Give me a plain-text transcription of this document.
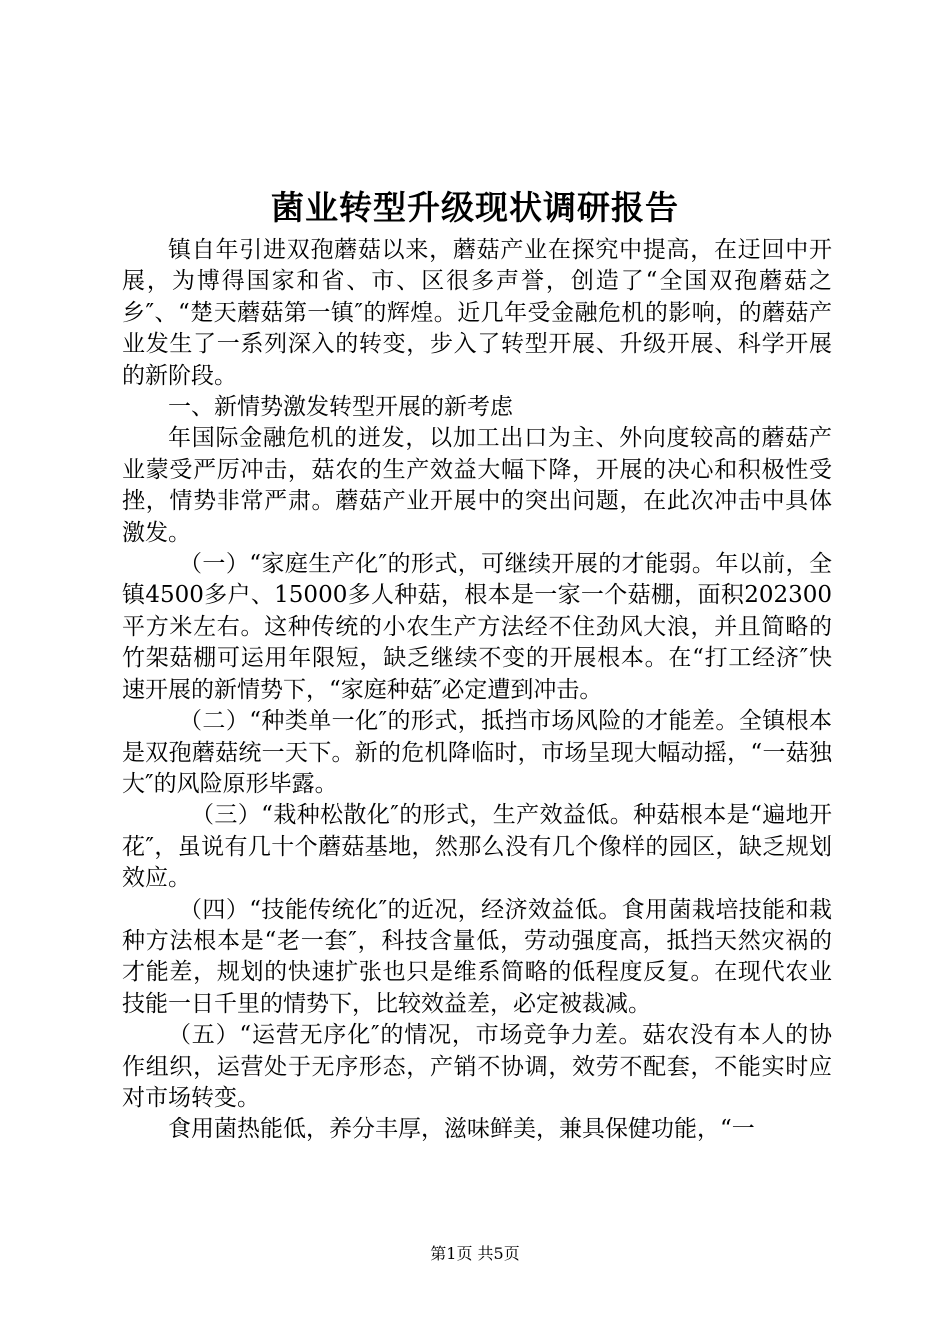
菌业转型升级现状调研报告

镇自年引进双孢蘑菇以来，蘑菇产业在探究中提高，在迂回中开展，为博得国家和省、市、区很多声誉，创造了“全国双孢蘑菇之乡″、“楚天蘑菇第一镇″的辉煌。近几年受金融危机的影响，的蘑菇产业发生了一系列深入的转变，步入了转型开展、升级开展、科学开展的新阶段。

一、新情势激发转型开展的新考虑

年国际金融危机的迸发，以加工出口为主、外向度较高的蘑菇产业蒙受严厉冲击，菇农的生产效益大幅下降，开展的决心和积极性受挫，情势非常严肃。蘑菇产业开展中的突出问题，在此次冲击中具体激发。

（一）“家庭生产化″的形式，可继续开展的才能弱。年以前，全镇4500多户、15000多人种菇，根本是一家一个菇棚，面积202300平方米左右。这种传统的小农生产方法经不住劲风大浪，并且简略的竹架菇棚可运用年限短，缺乏继续不变的开展根本。在“打工经济″快速开展的新情势下，“家庭种菇″必定遭到冲击。

（二）“种类单一化″的形式，抵挡市场风险的才能差。全镇根本是双孢蘑菇统一天下。新的危机降临时，市场呈现大幅动摇，“一菇独大″的风险原形毕露。

（三）“栽种松散化″的形式，生产效益低。种菇根本是“遍地开花″，虽说有几十个蘑菇基地，然那么没有几个像样的园区，缺乏规划效应。

（四）“技能传统化″的近况，经济效益低。食用菌栽培技能和栽种方法根本是“老一套″，科技含量低，劳动强度高，抵挡天然灾祸的才能差，规划的快速扩张也只是维系简略的低程度反复。在现代农业技能一日千里的情势下，比较效益差，必定被裁减。

（五）“运营无序化″的情况，市场竞争力差。菇农没有本人的协作组织，运营处于无序形态，产销不协调，效劳不配套，不能实时应对市场转变。

食用菌热能低，养分丰厚，滋味鲜美，兼具保健功能，“一

第1页 共5页
